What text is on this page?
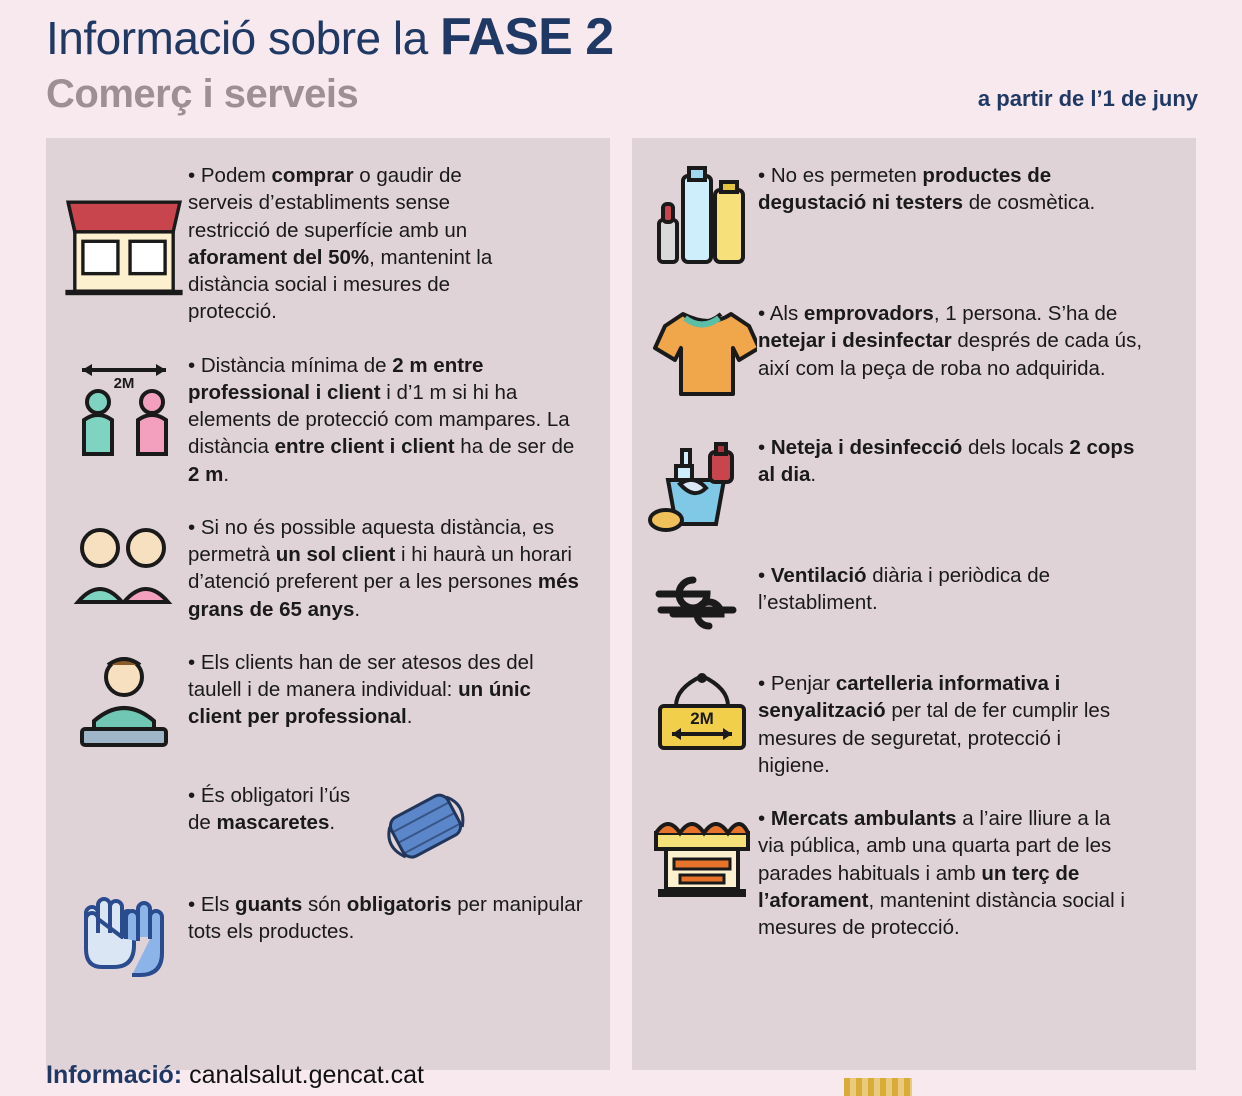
Informació sobre la FASE 2
Comerç i serveis	a partir de l’1 de juny
• Podem comprar o gaudir de serveis d’establiments sense restricció de superfície amb un aforament del 50%, mantenint la distància social i mesures de protecció.
2M
• Distància mínima de 2 m entre professional i client i d’1 m si hi ha elements de protecció com mampares. La distància entre client i client ha de ser de 2 m.
• Si no és possible aquesta distància, es permetrà un sol client i hi haurà un horari d’atenció preferent per a les persones més grans de 65 anys.
• Els clients han de ser atesos des del taulell i de manera individual: un únic client per professional.
• És obligatori l’ús de mascaretes.
• Els guants són obligatoris per manipular tots els productes.
• No es permeten productes de degustació ni testers de cosmètica.
• Als emprovadors, 1 persona. S’ha de netejar i desinfectar després de cada ús, així com la peça de roba no adquirida.
• Neteja i desinfecció dels locals 2 cops al dia.
• Ventilació diària i periòdica de l’establiment.
2M
• Penjar cartelleria informativa i senyalització per tal de fer cumplir les mesures de seguretat, protecció i higiene.
• Mercats ambulants a l’aire lliure a la via pública, amb una quarta part de les parades habituals i amb un terç de l’aforament, mantenint distància social i mesures de protecció.
Informació: canalsalut.gencat.cat
